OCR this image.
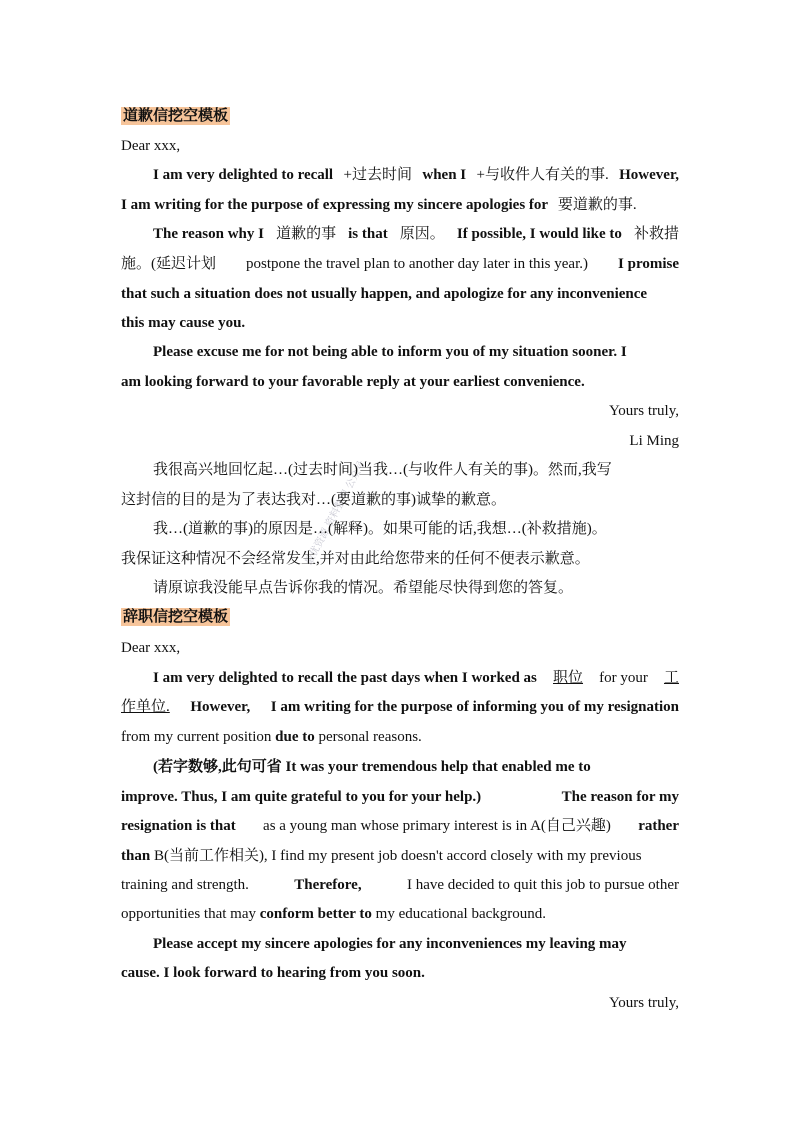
最优资源 资料整理 公众号
道歉信挖空模板
Dear xxx,
I am very delighted to recall +过去时间 when I +与收件人有关的事. However,
I am writing for the purpose of expressing my sincere apologies for 要道歉的事.
The reason why I 道歉的事 is that 原因。 If possible, I would like to 补救措
施。(延迟计划 postpone the travel plan to another day later in this year.) I promise
that such a situation does not usually happen, and apologize for any inconvenience
this may cause you.
Please excuse me for not being able to inform you of my situation sooner. I
am looking forward to your favorable reply at your earliest convenience.
Yours truly,
Li Ming
我很高兴地回忆起…(过去时间)当我…(与收件人有关的事)。然而,我写
这封信的目的是为了表达我对…(要道歉的事)诚挚的歉意。
我…(道歉的事)的原因是…(解释)。如果可能的话,我想…(补救措施)。
我保证这种情况不会经常发生,并对由此给您带来的任何不便表示歉意。
请原谅我没能早点告诉你我的情况。希望能尽快得到您的答复。
辞职信挖空模板
Dear xxx,
I am very delighted to recall the past days when I worked as 职位 for your 工
作单位. However, I am writing for the purpose of informing you of my resignation
from my current position due to personal reasons.
(若字数够,此句可省 It was your tremendous help that enabled me to
improve. Thus, I am quite grateful to you for your help.)	The reason for my
resignation is that as a young man whose primary interest is in A(自己兴趣) rather
than B(当前工作相关), I find my present job doesn't accord closely with my previous
training and strength.	Therefore,	I have decided to quit this job to pursue other
opportunities that may conform better to my educational background.
Please accept my sincere apologies for any inconveniences my leaving may
cause. I look forward to hearing from you soon.
Yours truly,
